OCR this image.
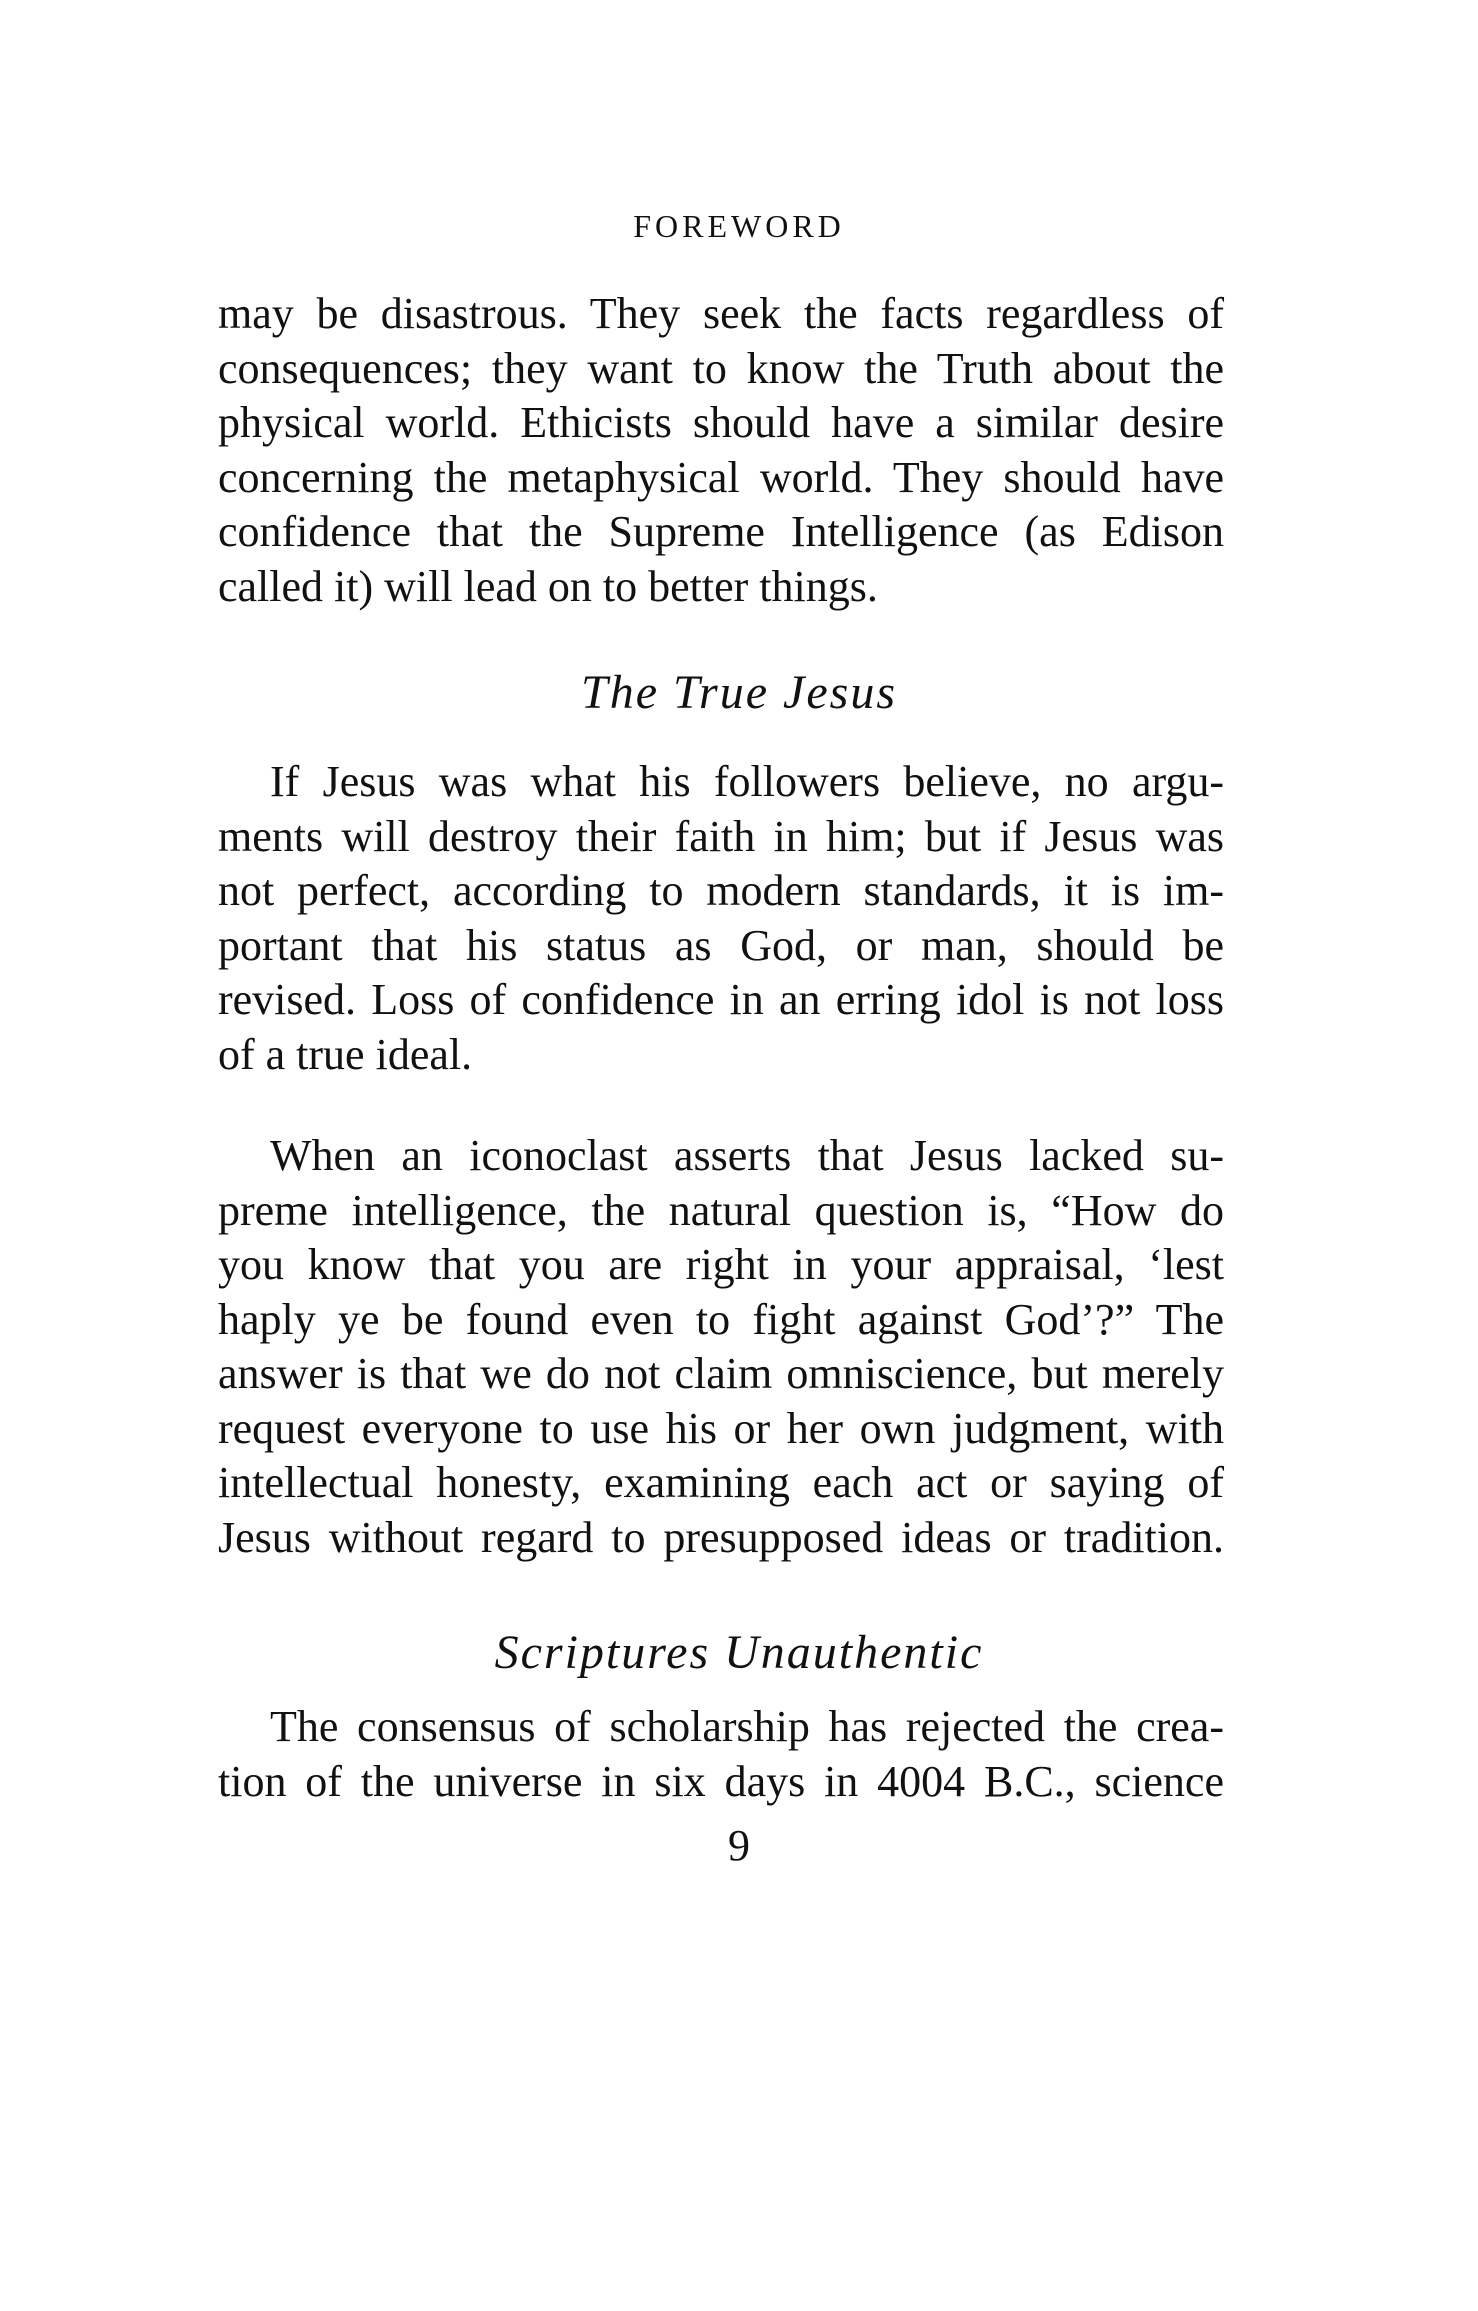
FOREWORD

may be disastrous. They seek the facts regardless of
consequences; they want to know the Truth about the
physical world. Ethicists should have a similar desire
concerning the metaphysical world. They should have
confidence that the Supreme Intelligence (as Edison
called it) will lead on to better things.

The True Jesus

If Jesus was what his followers believe, no argu-
ments will destroy their faith in him; but if Jesus was
not perfect, according to modern standards, it is im-
portant that his status as God, or man, should be
revised. Loss of confidence in an erring idol is not loss
of a true ideal.

When an iconoclast asserts that Jesus lacked su-
preme intelligence, the natural question is, “How do
you know that you are right in your appraisal, ‘lest
haply ye be found even to fight against God’?” The
answer is that we do not claim omniscience, but merely
request everyone to use his or her own judgment, with
intellectual honesty, examining each act or saying of
Jesus without regard to presupposed ideas or tradition.

Scriptures Unauthentic

The consensus of scholarship has rejected the crea-
tion of the universe in six days in 4004 B.C., science

9
